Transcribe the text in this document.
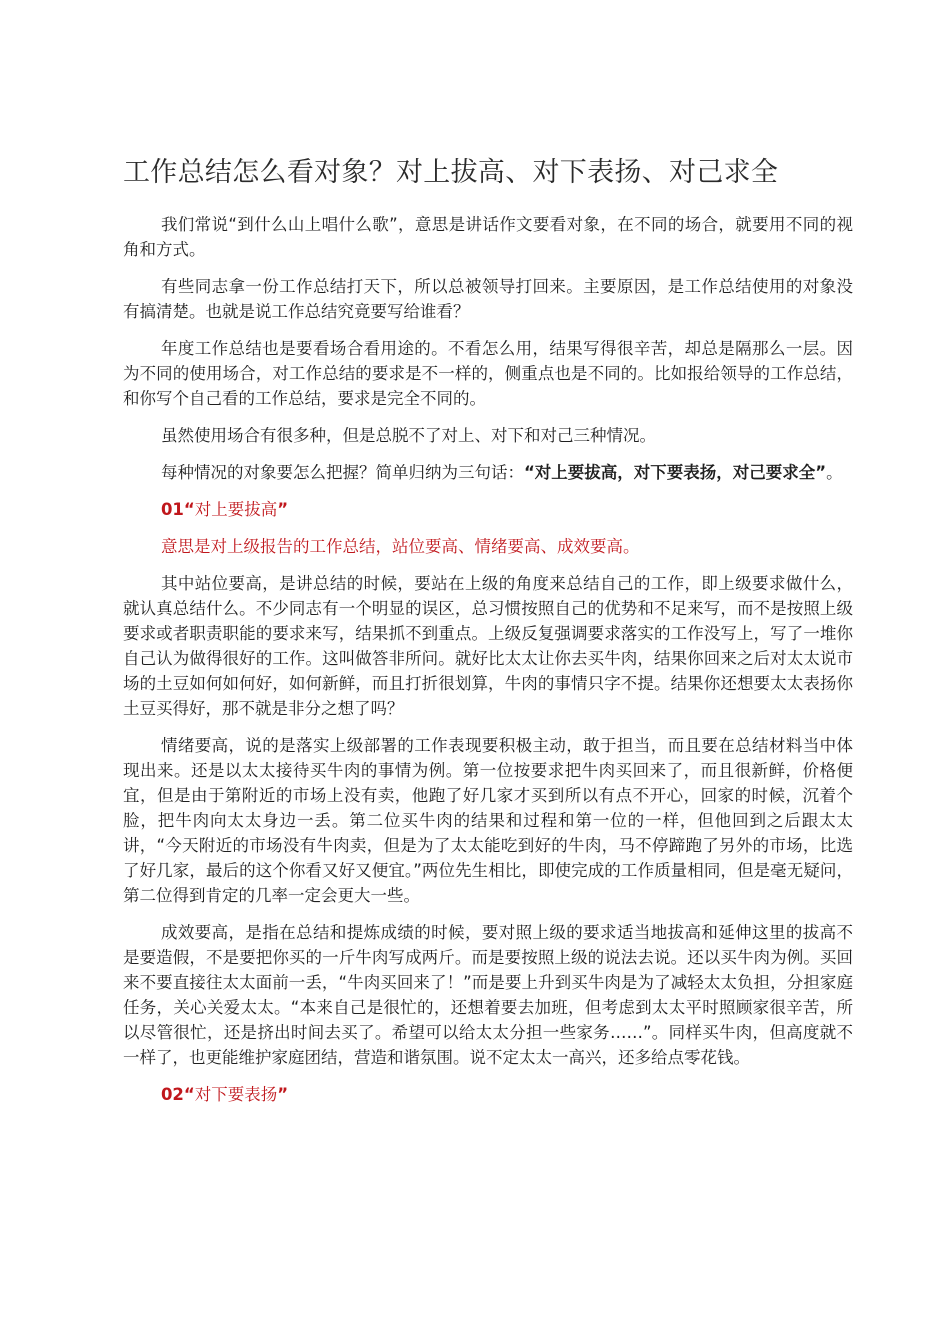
工作总结怎么看对象？对上拔高、对下表扬、对己求全

我们常说“到什么山上唱什么歌”，意思是讲话作文要看对象，在不同的场合，就要用不同的视角和方式。

有些同志拿一份工作总结打天下，所以总被领导打回来。主要原因，是工作总结使用的对象没有搞清楚。也就是说工作总结究竟要写给谁看？

年度工作总结也是要看场合看用途的。不看怎么用，结果写得很辛苦，却总是隔那么一层。因为不同的使用场合，对工作总结的要求是不一样的，侧重点也是不同的。比如报给领导的工作总结，和你写个自己看的工作总结，要求是完全不同的。

虽然使用场合有很多种，但是总脱不了对上、对下和对己三种情况。

每种情况的对象要怎么把握？简单归纳为三句话：“对上要拔高，对下要表扬，对己要求全”。

01“对上要拔高”

意思是对上级报告的工作总结，站位要高、情绪要高、成效要高。

其中站位要高，是讲总结的时候，要站在上级的角度来总结自己的工作，即上级要求做什么，就认真总结什么。不少同志有一个明显的误区，总习惯按照自己的优势和不足来写，而不是按照上级要求或者职责职能的要求来写，结果抓不到重点。上级反复强调要求落实的工作没写上，写了一堆你自己认为做得很好的工作。这叫做答非所问。就好比太太让你去买牛肉，结果你回来之后对太太说市场的土豆如何如何好，如何新鲜，而且打折很划算，牛肉的事情只字不提。结果你还想要太太表扬你土豆买得好，那不就是非分之想了吗？

情绪要高，说的是落实上级部署的工作表现要积极主动，敢于担当，而且要在总结材料当中体现出来。还是以太太接待买牛肉的事情为例。第一位按要求把牛肉买回来了，而且很新鲜，价格便宜，但是由于第附近的市场上没有卖，他跑了好几家才买到所以有点不开心，回家的时候，沉着个脸，把牛肉向太太身边一丢。第二位买牛肉的结果和过程和第一位的一样，但他回到之后跟太太讲，“今天附近的市场没有牛肉卖，但是为了太太能吃到好的牛肉，马不停蹄跑了另外的市场，比选了好几家，最后的这个你看又好又便宜。”两位先生相比，即使完成的工作质量相同，但是毫无疑问，第二位得到肯定的几率一定会更大一些。

成效要高，是指在总结和提炼成绩的时候，要对照上级的要求适当地拔高和延伸这里的拔高不是要造假，不是要把你买的一斤牛肉写成两斤。而是要按照上级的说法去说。还以买牛肉为例。买回来不要直接往太太面前一丢，“牛肉买回来了！”而是要上升到买牛肉是为了减轻太太负担，分担家庭任务，关心关爱太太。“本来自己是很忙的，还想着要去加班，但考虑到太太平时照顾家很辛苦，所以尽管很忙，还是挤出时间去买了。希望可以给太太分担一些家务……”。同样买牛肉，但高度就不一样了，也更能维护家庭团结，营造和谐氛围。说不定太太一高兴，还多给点零花钱。

02“对下要表扬”
